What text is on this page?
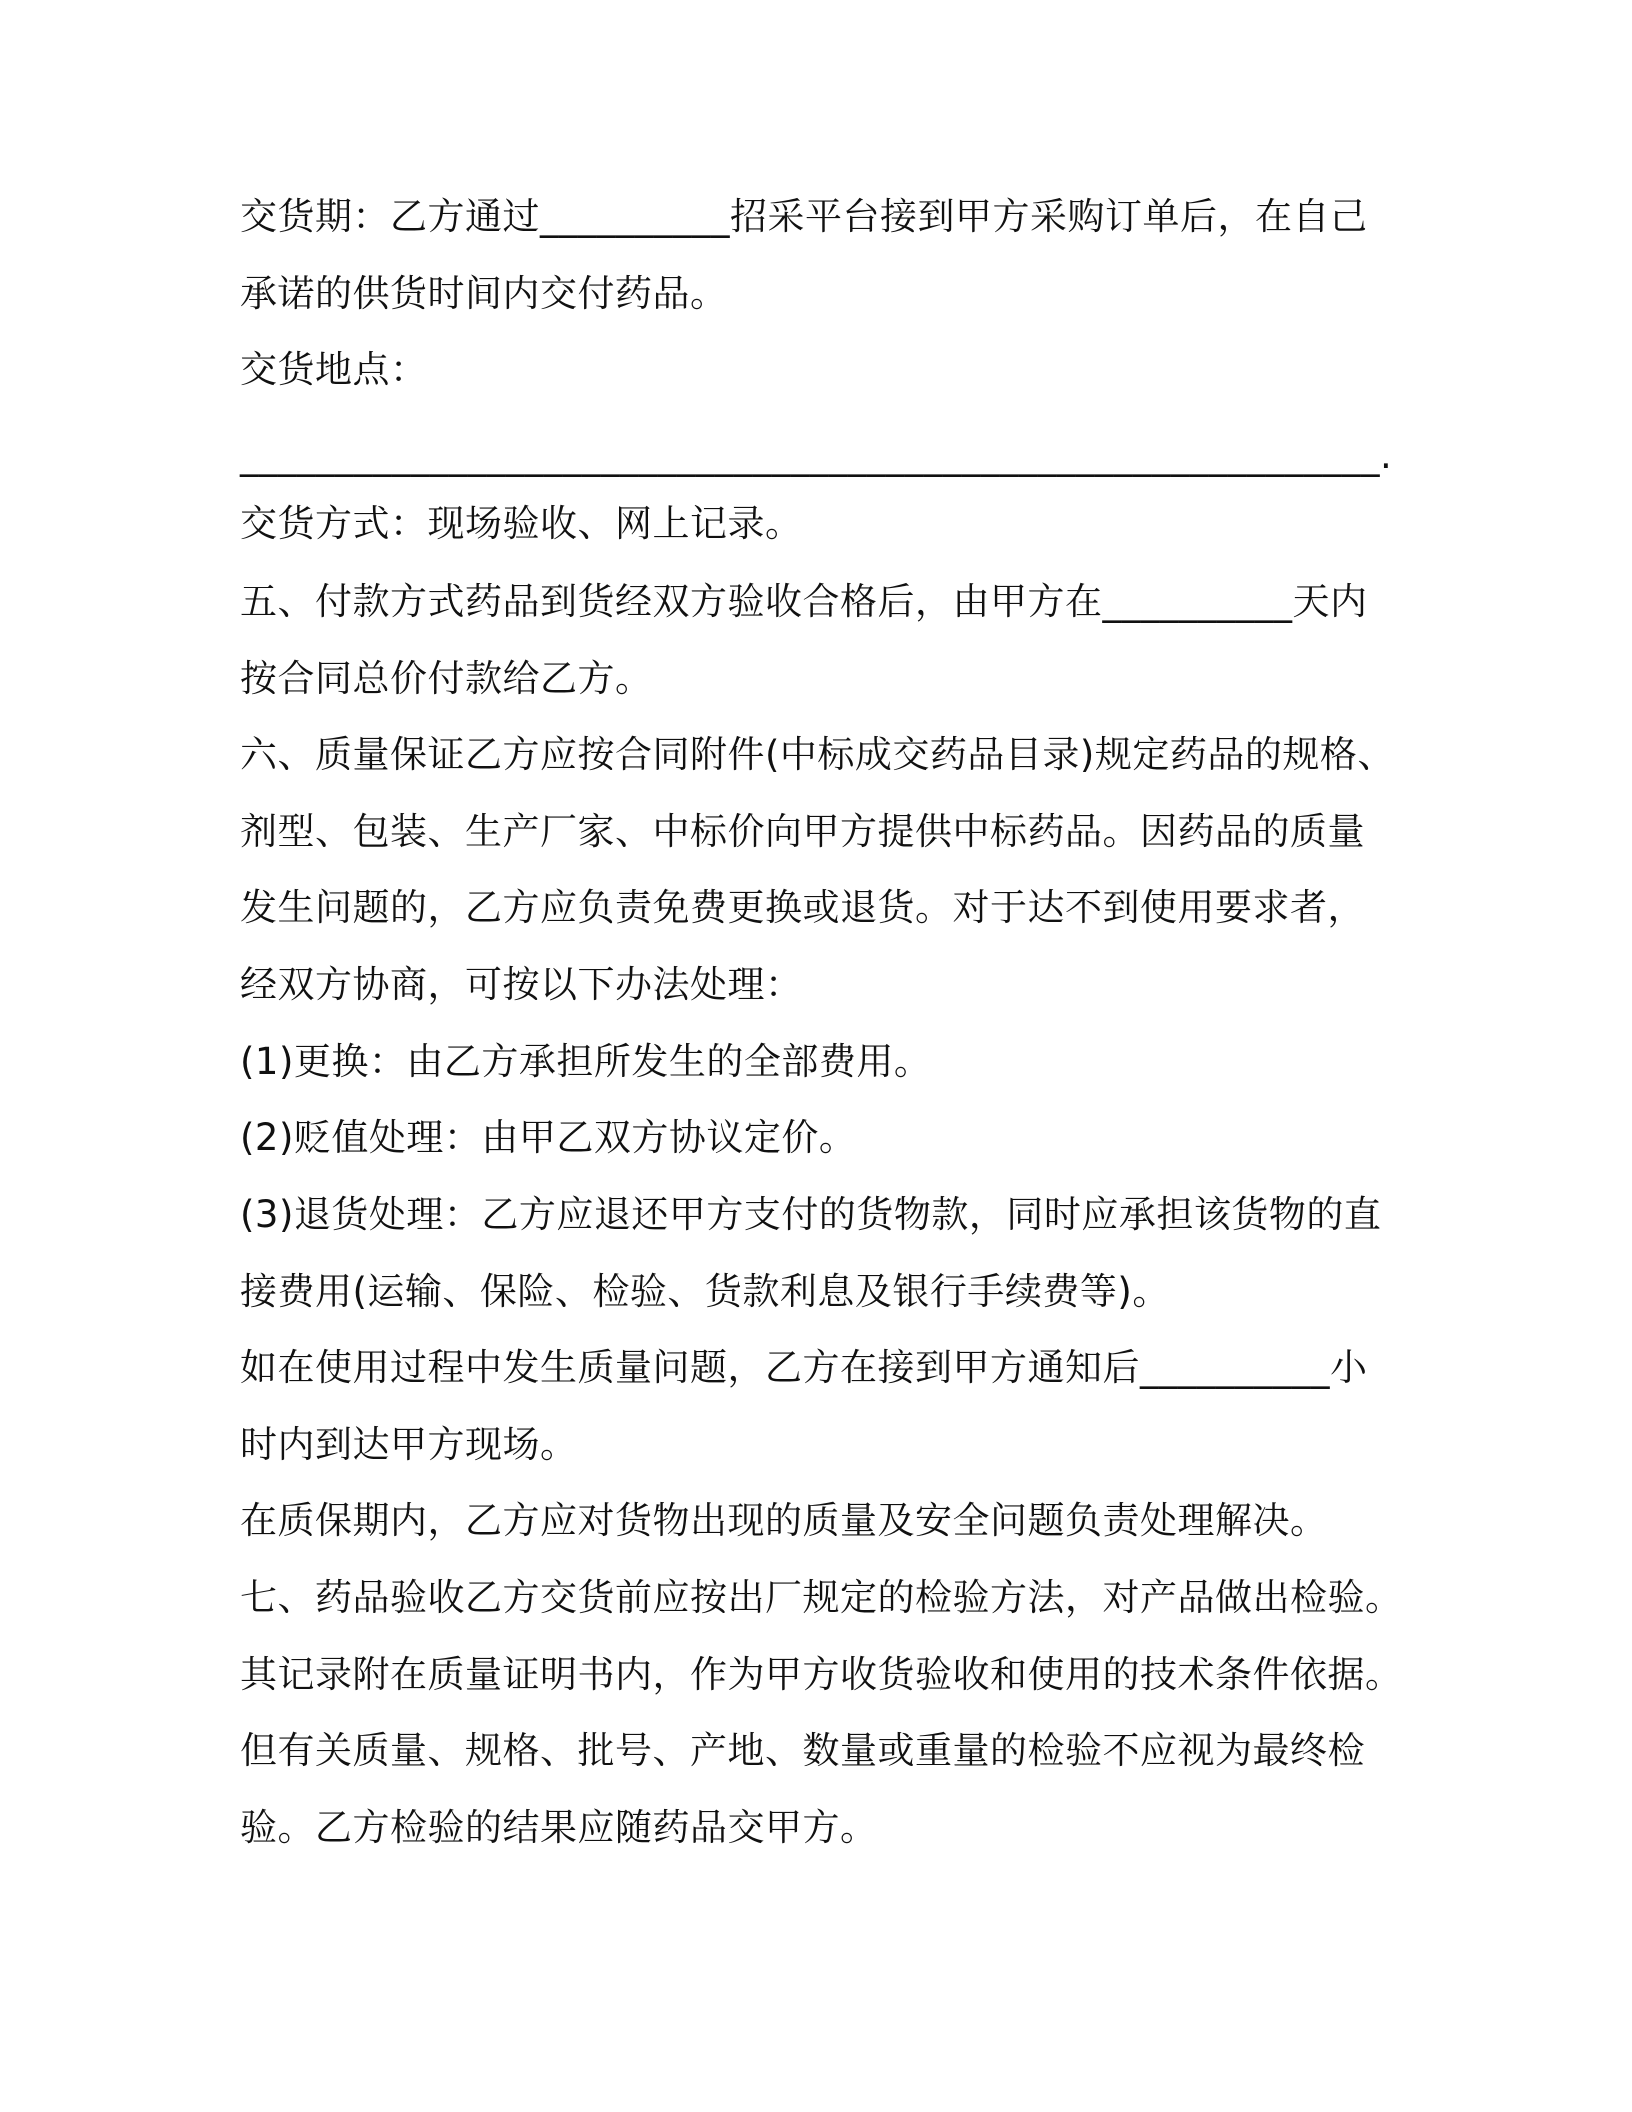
交货期：乙方通过__________招采平台接到甲方采购订单后，在自己
承诺的供货时间内交付药品。
交货地点：
____________________________________________________________.
交货方式：现场验收、网上记录。
五、付款方式药品到货经双方验收合格后，由甲方在__________天内
按合同总价付款给乙方。
六、质量保证乙方应按合同附件(中标成交药品目录)规定药品的规格、
剂型、包装、生产厂家、中标价向甲方提供中标药品。因药品的质量
发生问题的，乙方应负责免费更换或退货。对于达不到使用要求者，
经双方协商，可按以下办法处理：
(1)更换：由乙方承担所发生的全部费用。
(2)贬值处理：由甲乙双方协议定价。
(3)退货处理：乙方应退还甲方支付的货物款，同时应承担该货物的直
接费用(运输、保险、检验、货款利息及银行手续费等)。
如在使用过程中发生质量问题，乙方在接到甲方通知后__________小
时内到达甲方现场。
在质保期内，乙方应对货物出现的质量及安全问题负责处理解决。
七、药品验收乙方交货前应按出厂规定的检验方法，对产品做出检验。
其记录附在质量证明书内，作为甲方收货验收和使用的技术条件依据。
但有关质量、规格、批号、产地、数量或重量的检验不应视为最终检
验。乙方检验的结果应随药品交甲方。
